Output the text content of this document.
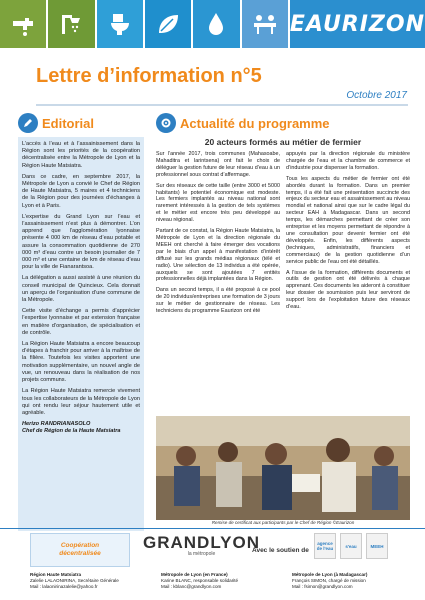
EAURIZON
Lettre d’information n°5
Octobre 2017
Editorial

L’accès à l’eau et à l’assainissement dans la Région sont les priorités de la coopération décentralisée entre la Métropole de Lyon et la Région Haute Matsiatra.

Dans ce cadre, en septembre 2017, la Métropole de Lyon a convié le Chef de Région de Haute Matsiatra, 5 maires et 4 techniciens de la Région pour des journées d’échanges à Lyon et à Paris.

L’expertise du Grand Lyon sur l’eau et l’assainissement n’est plus à démontrer. L’on apprend que l’agglomération lyonnaise présente 4 000 km de réseau d’eau potable et assure la consommation quotidienne de 270 000 m³ d’eau contre un besoin journalier de 7 000 m³ et une centaine de km de réseau d’eau pour la ville de Fianarantsoa.

La délégation a aussi assisté à une réunion du conseil municipal de Quincieux. Cela donnait un aperçu de l’organisation d’une commune de la Métropole.

Cette visite d’échange a permis d’apprécier l’expertise lyonnaise et par extension française en matière d’organisation, de spécialisation et de contrôle.

La Région Haute Matsiatra a encore beaucoup d’étapes à franchir pour arriver à la maîtrise de la filière. Toutefois les visites apportent une motivation supplémentaire, un nouvel angle de vue, un renouveau dans la réalisation de nos projets communs.

La Région Haute Matsiatra remercie vivement tous les collaborateurs de la Métropole de Lyon qui ont rendu leur séjour hautement utile et agréable.

Herizo RANDRIANASOLO

Chef de Région de la Haute Matsiatra

Actualité du programme
20 acteurs formés au métier de fermier

Sur l’année 2017, trois communes (Mahasoabe, Mahaditra et Iarintsena) ont fait le choix de déléguer la gestion future de leur réseau d’eau à un professionnel sous contrat d’affermage.

Sur des réseaux de cette taille (entre 3000 et 5000 habitants) le potentiel économique est modeste. Les fermiers implantés au niveau national sont rarement intéressés à la gestion de tels systèmes et le métier est encore très peu développé au niveau régional.

Partant de ce constat, la Région Haute Matsiatra, la Métropole de Lyon et la direction régionale du MEEH ont cherché à faire émerger des vocations par le biais d’un appel à manifestation d’intérêt diffusé sur les grands médias régionaux (télé et radio). Une sélection de 13 individus a été opérée, auxquels se sont ajoutées 7 entités professionnelles déjà implantées dans la Région.

Dans un second temps, il a été proposé à ce pool de 20 individus/entreprises une formation de 3 jours sur le métier de gestionnaire de réseau. Les techniciens du programme Eaurizon ont été

appuyés par la direction régionale du ministère chargée de l’eau et la chambre de commerce et d’industrie pour dispenser la formation.

Tous les aspects du métier de fermier ont été abordés durant la formation. Dans un premier temps, il a été fait une présentation succincte des enjeux du secteur eau et assainissement au niveau mondial et national ainsi que sur le cadre légal du secteur EAH à Madagascar. Dans un second temps, les démarches permettant de créer son entreprise et les moyens permettant de répondre à une consultation pour devenir fermier ont été développés. Enfin, les différents aspects (techniques, administratifs, financiers et commerciaux) de la gestion quotidienne d’un service public de l’eau ont été détaillés.

A l’issue de la formation, différents documents et outils de gestion ont été délivrés à chaque apprenant. Ces documents les aideront à constituer leur dossier de soumission puis leur serviront de support lors de l’exploitation future des réseaux d’eau.

Remise de certificat aux participants par le Chef de Région ©Eaurizon
Coopération
décentralisée
GRANDLYON
la métropole	Avec le soutien de
agence de l'eau	s'eau	MEEH
Région Haute Matsiatra
Zalelie LALAONIRINA, Secrétaire Générale
Mail : lalaonirinazalelie@yahoo.fr
Métropole de Lyon (en France)
Karine BLANC, responsable solidarité
Mail : kblanc@grandlyon.com
Métropole de Lyon (à Madagascar)
François SIMON, chargé de mission
Mail : fsimon@grandlyon.com
